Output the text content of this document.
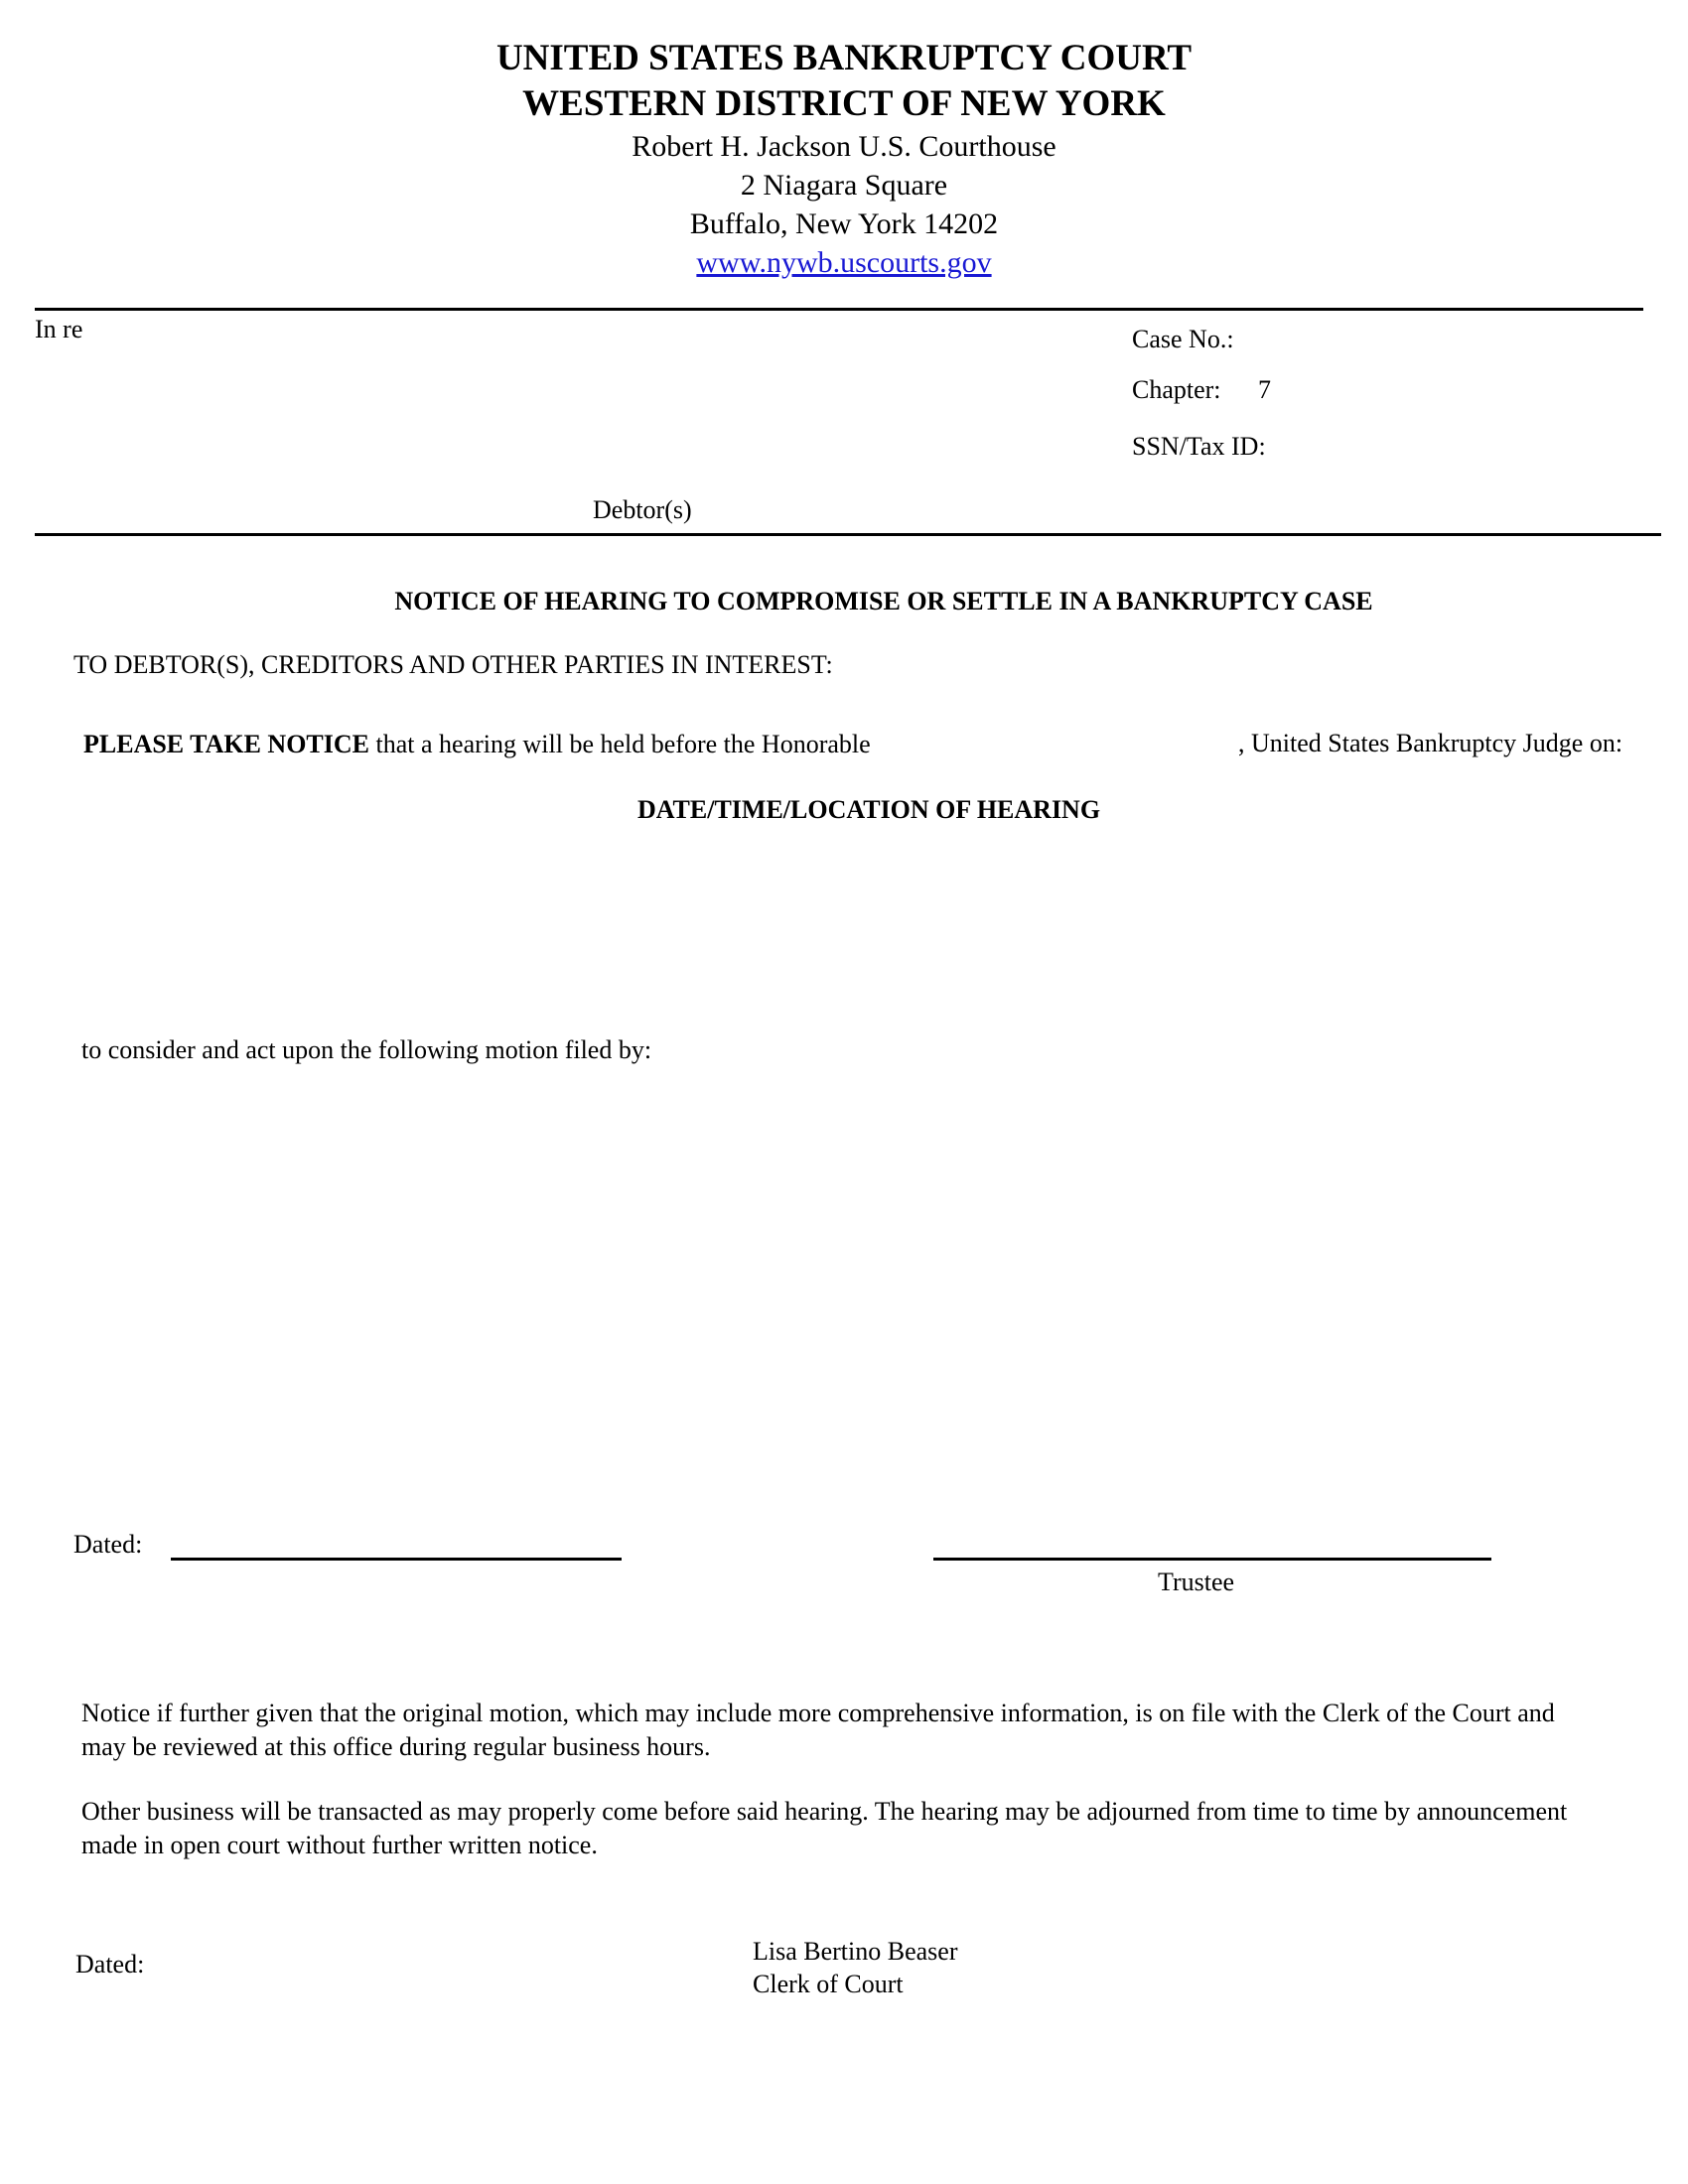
UNITED STATES BANKRUPTCY COURT
WESTERN DISTRICT OF NEW YORK
Robert H. Jackson U.S. Courthouse
2 Niagara Square
Buffalo, New York 14202
www.nywb.uscourts.gov
In re	Case No.:
Chapter: 7
SSN/Tax ID:
Debtor(s)
NOTICE OF HEARING TO COMPROMISE OR SETTLE IN A BANKRUPTCY CASE
TO DEBTOR(S), CREDITORS AND OTHER PARTIES IN INTEREST:
PLEASE TAKE NOTICE that a hearing will be held before the Honorable	, United States Bankruptcy Judge on:
DATE/TIME/LOCATION OF HEARING
to consider and act upon the following motion filed by:
Dated:
Trustee
Notice if further given that the original motion, which may include more comprehensive information, is on file with the Clerk of the Court and may be reviewed at this office during regular business hours.
Other business will be transacted as may properly come before said hearing. The hearing may be adjourned from time to time by announcement made in open court without further written notice.
Dated:	Lisa Bertino Beaser
Clerk of Court
